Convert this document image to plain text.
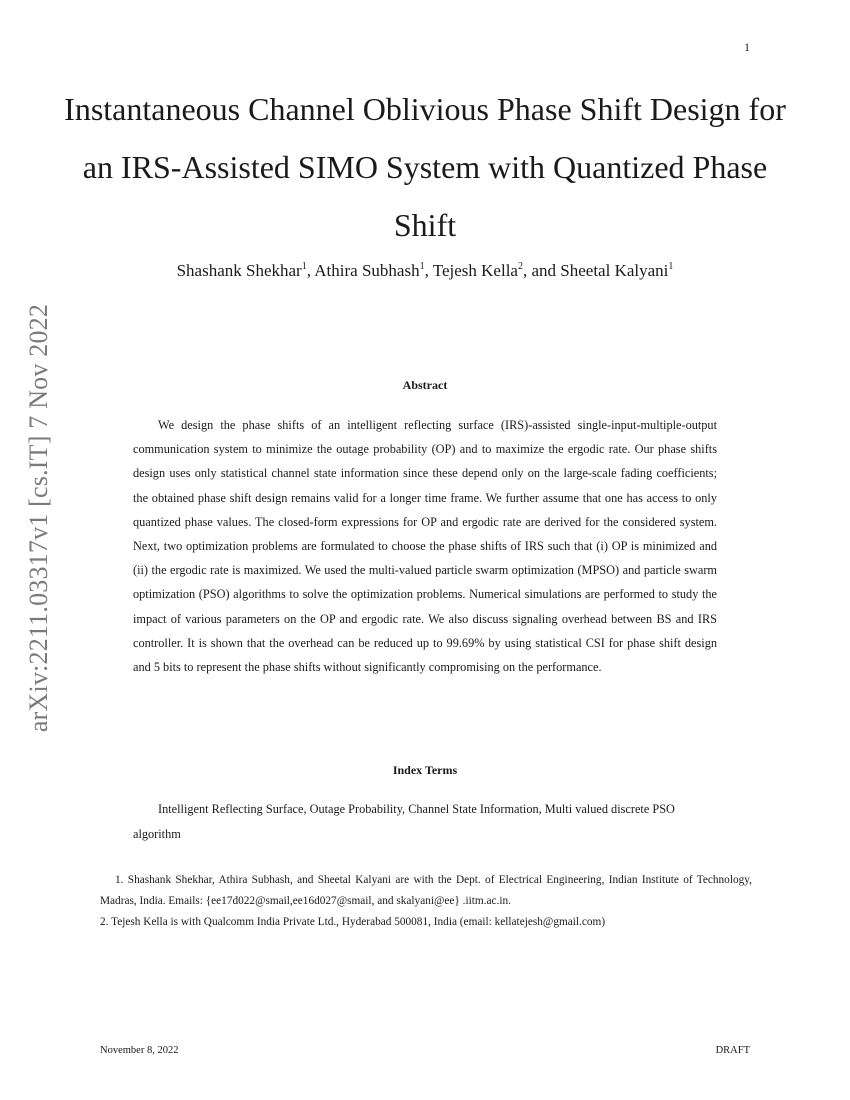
1
arXiv:2211.03317v1 [cs.IT] 7 Nov 2022
Instantaneous Channel Oblivious Phase Shift Design for an IRS-Assisted SIMO System with Quantized Phase Shift
Shashank Shekhar$^1$, Athira Subhash$^1$, Tejesh Kella$^2$, and Sheetal Kalyani$^1$
Abstract

We design the phase shifts of an intelligent reflecting surface (IRS)-assisted single-input-multiple-output communication system to minimize the outage probability (OP) and to maximize the ergodic rate. Our phase shifts design uses only statistical channel state information since these depend only on the large-scale fading coefficients; the obtained phase shift design remains valid for a longer time frame. We further assume that one has access to only quantized phase values. The closed-form expressions for OP and ergodic rate are derived for the considered system. Next, two optimization problems are formulated to choose the phase shifts of IRS such that (i) OP is minimized and (ii) the ergodic rate is maximized. We used the multi-valued particle swarm optimization (MPSO) and particle swarm optimization (PSO) algorithms to solve the optimization problems. Numerical simulations are performed to study the impact of various parameters on the OP and ergodic rate. We also discuss signaling overhead between BS and IRS controller. It is shown that the overhead can be reduced up to 99.69% by using statistical CSI for phase shift design and 5 bits to represent the phase shifts without significantly compromising on the performance.

Index Terms

Intelligent Reflecting Surface, Outage Probability, Channel State Information, Multi valued discrete PSO algorithm

1. Shashank Shekhar, Athira Subhash, and Sheetal Kalyani are with the Dept. of Electrical Engineering, Indian Institute of Technology, Madras, India. Emails: {ee17d022@smail,ee16d027@smail, and skalyani@ee} .iitm.ac.in.

2. Tejesh Kella is with Qualcomm India Private Ltd., Hyderabad 500081, India (email: kellatejesh@gmail.com)

November 8, 2022	DRAFT
